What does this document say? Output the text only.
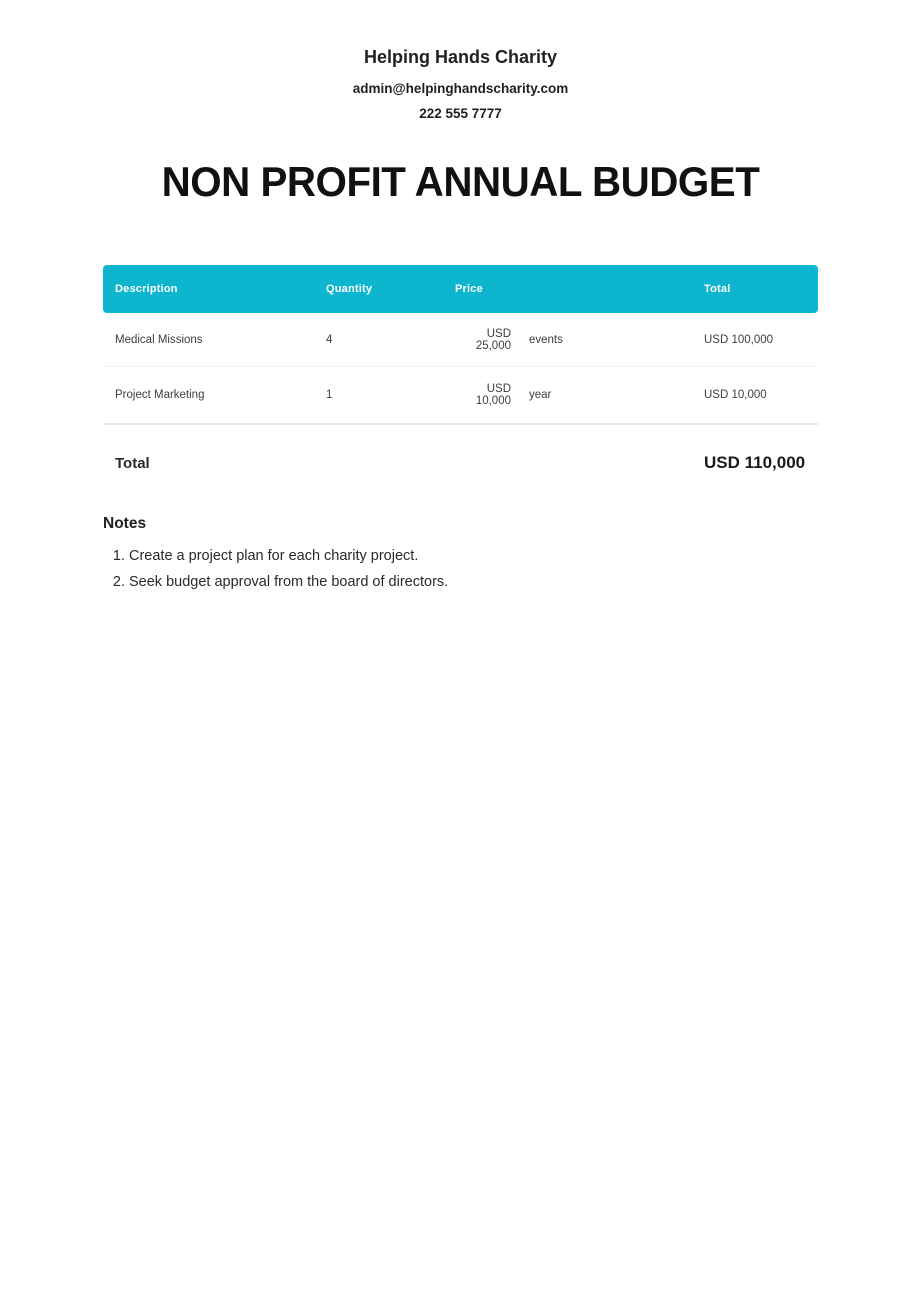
Helping Hands Charity
admin@helpinghandscharity.com
222 555 7777
NON PROFIT ANNUAL BUDGET
Description	Quantity	Price	Total
Medical Missions	4	USD 25,000	events	USD 100,000
Project Marketing	1	USD 10,000	year	USD 10,000
Total	USD 110,000
Notes
1. Create a project plan for each charity project.
2. Seek budget approval from the board of directors.
